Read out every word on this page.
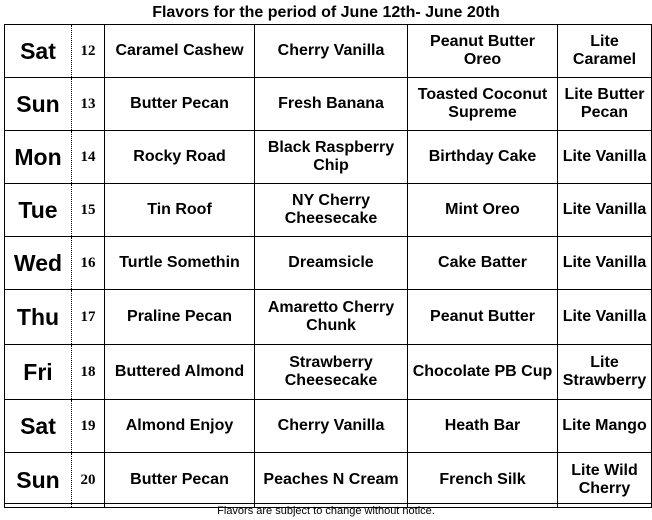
Flavors for the period of June 12th- June 20th
Sat	12	Caramel Cashew	Cherry Vanilla	Peanut Butter Oreo	Lite Caramel
Sun	13	Butter Pecan	Fresh Banana	Toasted Coconut Supreme	Lite Butter Pecan
Mon	14	Rocky Road	Black Raspberry Chip	Birthday Cake	Lite Vanilla
Tue	15	Tin Roof	NY Cherry Cheesecake	Mint Oreo	Lite Vanilla
Wed	16	Turtle Somethin	Dreamsicle	Cake Batter	Lite Vanilla
Thu	17	Praline Pecan	Amaretto Cherry Chunk	Peanut Butter	Lite Vanilla
Fri	18	Buttered Almond	Strawberry Cheesecake	Chocolate PB Cup	Lite Strawberry
Sat	19	Almond Enjoy	Cherry Vanilla	Heath Bar	Lite Mango
Sun	20	Butter Pecan	Peaches N Cream	French Silk	Lite Wild Cherry
Flavors are subject to change without notice.
